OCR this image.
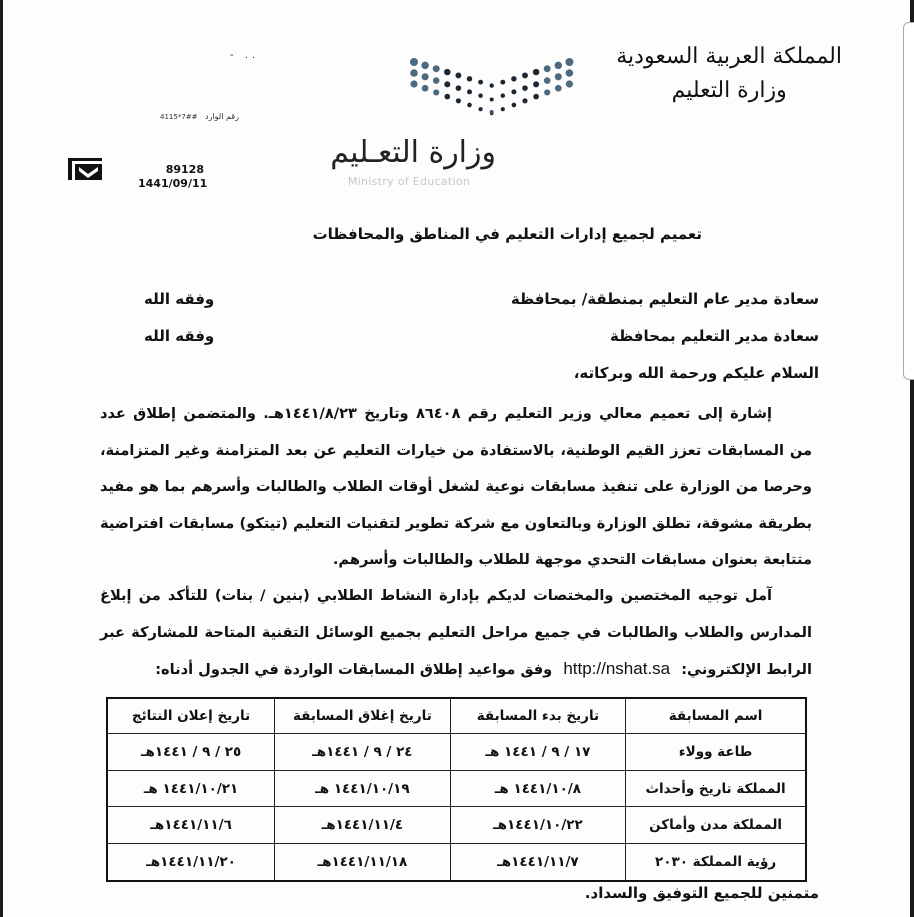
المملكة العربية السعودية
وزارة التعليم
وزارة التعـليم
Ministry of Education
- ..
4115*7## رقم الوارد
89128
1441/09/11
تعميم لجميع إدارات التعليم في المناطق والمحافظات
سعادة مدير عام التعليم بمنطقة/ بمحافظة
وفقه الله
سعادة مدير التعليم بمحافظة
وفقه الله
السلام عليكم ورحمة الله وبركاته،
إشارة إلى تعميم معالي وزير التعليم رقم ٨٦٤٠٨ وتاريخ ١٤٤١/٨/٢٣هـ. والمتضمن إطلاق عدد من المسابقات تعزز القيم الوطنية، بالاستفادة من خيارات التعليم عن بعد المتزامنة وغير المتزامنة، وحرصا من الوزارة على تنفيذ مسابقات نوعية لشغل أوقات الطلاب والطالبات وأسرهم بما هو مفيد بطريقة مشوقة، تطلق الوزارة وبالتعاون مع شركة تطوير لتقنيات التعليم (تيتكو) مسابقات افتراضية متتابعة بعنوان مسابقات التحدي موجهة للطلاب والطالبات وأسرهم.
آمل توجيه المختصين والمختصات لديكم بإدارة النشاط الطلابي (بنين / بنات) للتأكد من إبلاغ المدارس والطلاب والطالبات في جميع مراحل التعليم بجميع الوسائل التقنية المتاحة للمشاركة عبر الرابط الإلكتروني: http://nshat.sa وفق مواعيد إطلاق المسابقات الواردة في الجدول أدناه:
اسم المسابقة	تاريخ بدء المسابقة	تاريخ إغلاق المسابقة	تاريخ إعلان النتائج
طاعة وولاء	١٧ / ٩ / ١٤٤١ هـ	٢٤ / ٩ / ١٤٤١هـ	٢٥ / ٩ / ١٤٤١هـ
المملكة تاريخ وأحداث	١٤٤١/١٠/٨ هـ	١٤٤١/١٠/١٩ هـ	١٤٤١/١٠/٢١ هـ
المملكة مدن وأماكن	١٤٤١/١٠/٢٢هـ	١٤٤١/١١/٤هـ	١٤٤١/١١/٦هـ
رؤية المملكة ٢٠٣٠	١٤٤١/١١/٧هـ	١٤٤١/١١/١٨هـ	١٤٤١/١١/٢٠هـ
متمنين للجميع التوفيق والسداد.
